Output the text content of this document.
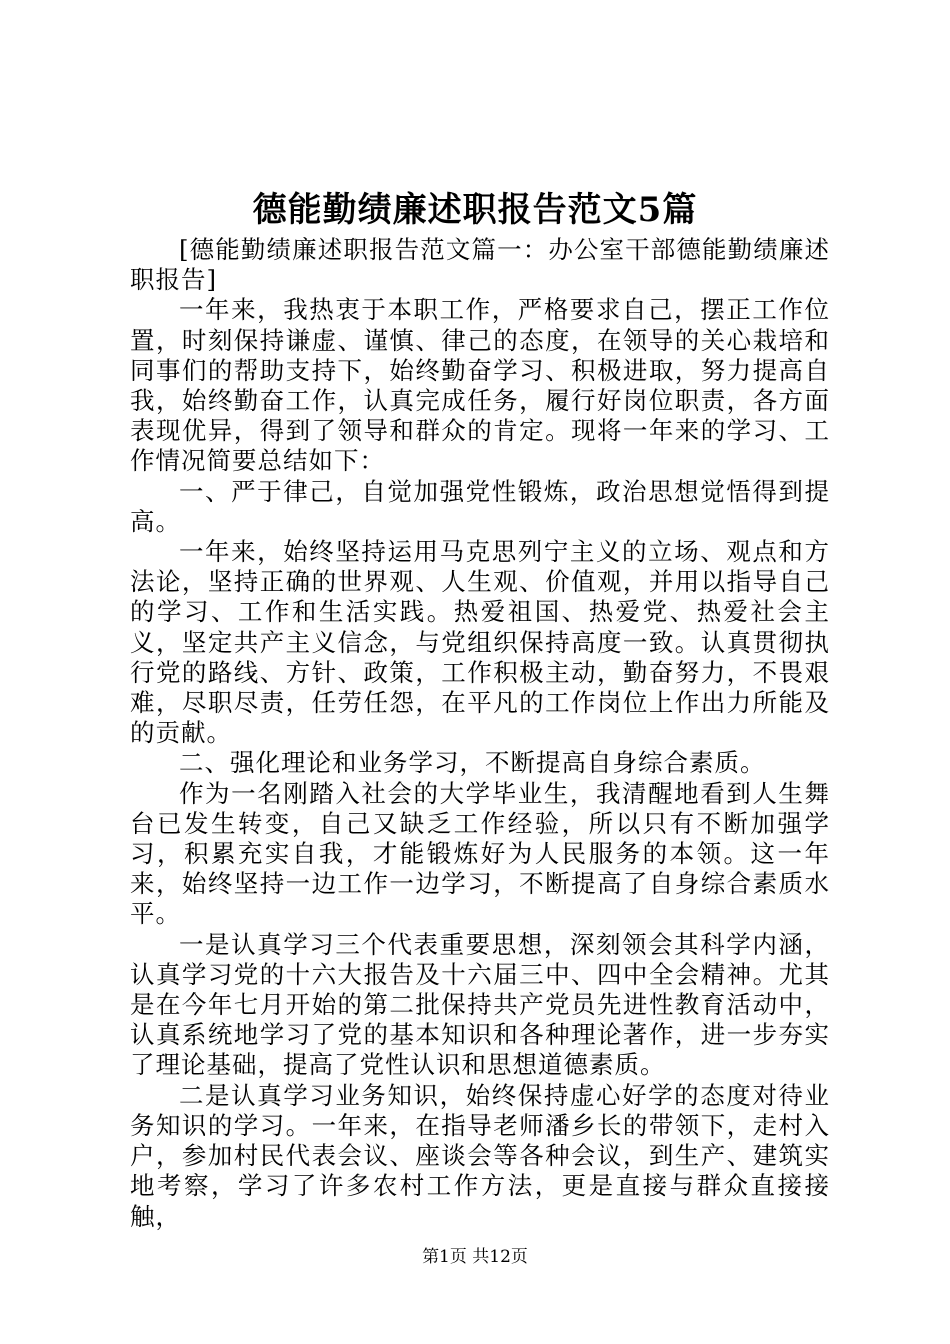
德能勤绩廉述职报告范文5篇

[德能勤绩廉述职报告范文篇一：办公室干部德能勤绩廉述职报告]

一年来，我热衷于本职工作，严格要求自己，摆正工作位置，时刻保持谦虚、谨慎、律己的态度，在领导的关心栽培和同事们的帮助支持下，始终勤奋学习、积极进取，努力提高自我，始终勤奋工作，认真完成任务，履行好岗位职责，各方面表现优异，得到了领导和群众的肯定。现将一年来的学习、工作情况简要总结如下：

一、严于律己，自觉加强党性锻炼，政治思想觉悟得到提高。

一年来，始终坚持运用马克思列宁主义的立场、观点和方法论，坚持正确的世界观、人生观、价值观，并用以指导自己的学习、工作和生活实践。热爱祖国、热爱党、热爱社会主义，坚定共产主义信念，与党组织保持高度一致。认真贯彻执行党的路线、方针、政策，工作积极主动，勤奋努力，不畏艰难，尽职尽责，任劳任怨，在平凡的工作岗位上作出力所能及的贡献。

二、强化理论和业务学习，不断提高自身综合素质。

作为一名刚踏入社会的大学毕业生，我清醒地看到人生舞台已发生转变，自己又缺乏工作经验，所以只有不断加强学习，积累充实自我，才能锻炼好为人民服务的本领。这一年来，始终坚持一边工作一边学习，不断提高了自身综合素质水平。

一是认真学习三个代表重要思想，深刻领会其科学内涵，认真学习党的十六大报告及十六届三中、四中全会精神。尤其是在今年七月开始的第二批保持共产党员先进性教育活动中，认真系统地学习了党的基本知识和各种理论著作，进一步夯实了理论基础，提高了党性认识和思想道德素质。

二是认真学习业务知识，始终保持虚心好学的态度对待业务知识的学习。一年来，在指导老师潘乡长的带领下，走村入户，参加村民代表会议、座谈会等各种会议，到生产、建筑实地考察，学习了许多农村工作方法，更是直接与群众直接接触，

第1页 共12页
